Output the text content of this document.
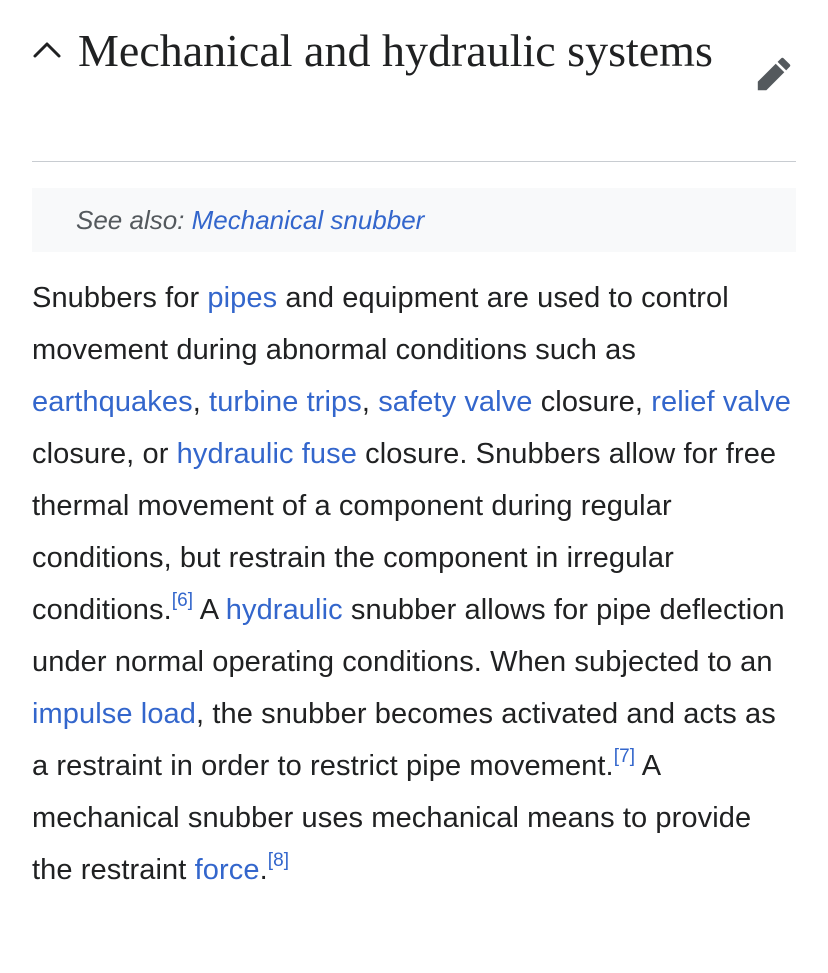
Mechanical and hydraulic systems
See also: Mechanical snubber

Snubbers for pipes and equipment are used to control movement during abnormal conditions such as earthquakes, turbine trips, safety valve closure, relief valve closure, or hydraulic fuse closure. Snubbers allow for free thermal movement of a component during regular conditions, but restrain the component in irregular conditions.[6] A hydraulic snubber allows for pipe deflection under normal operating conditions. When subjected to an impulse load, the snubber becomes activated and acts as a restraint in order to restrict pipe movement.[7] A mechanical snubber uses mechanical means to provide the restraint force.[8]
